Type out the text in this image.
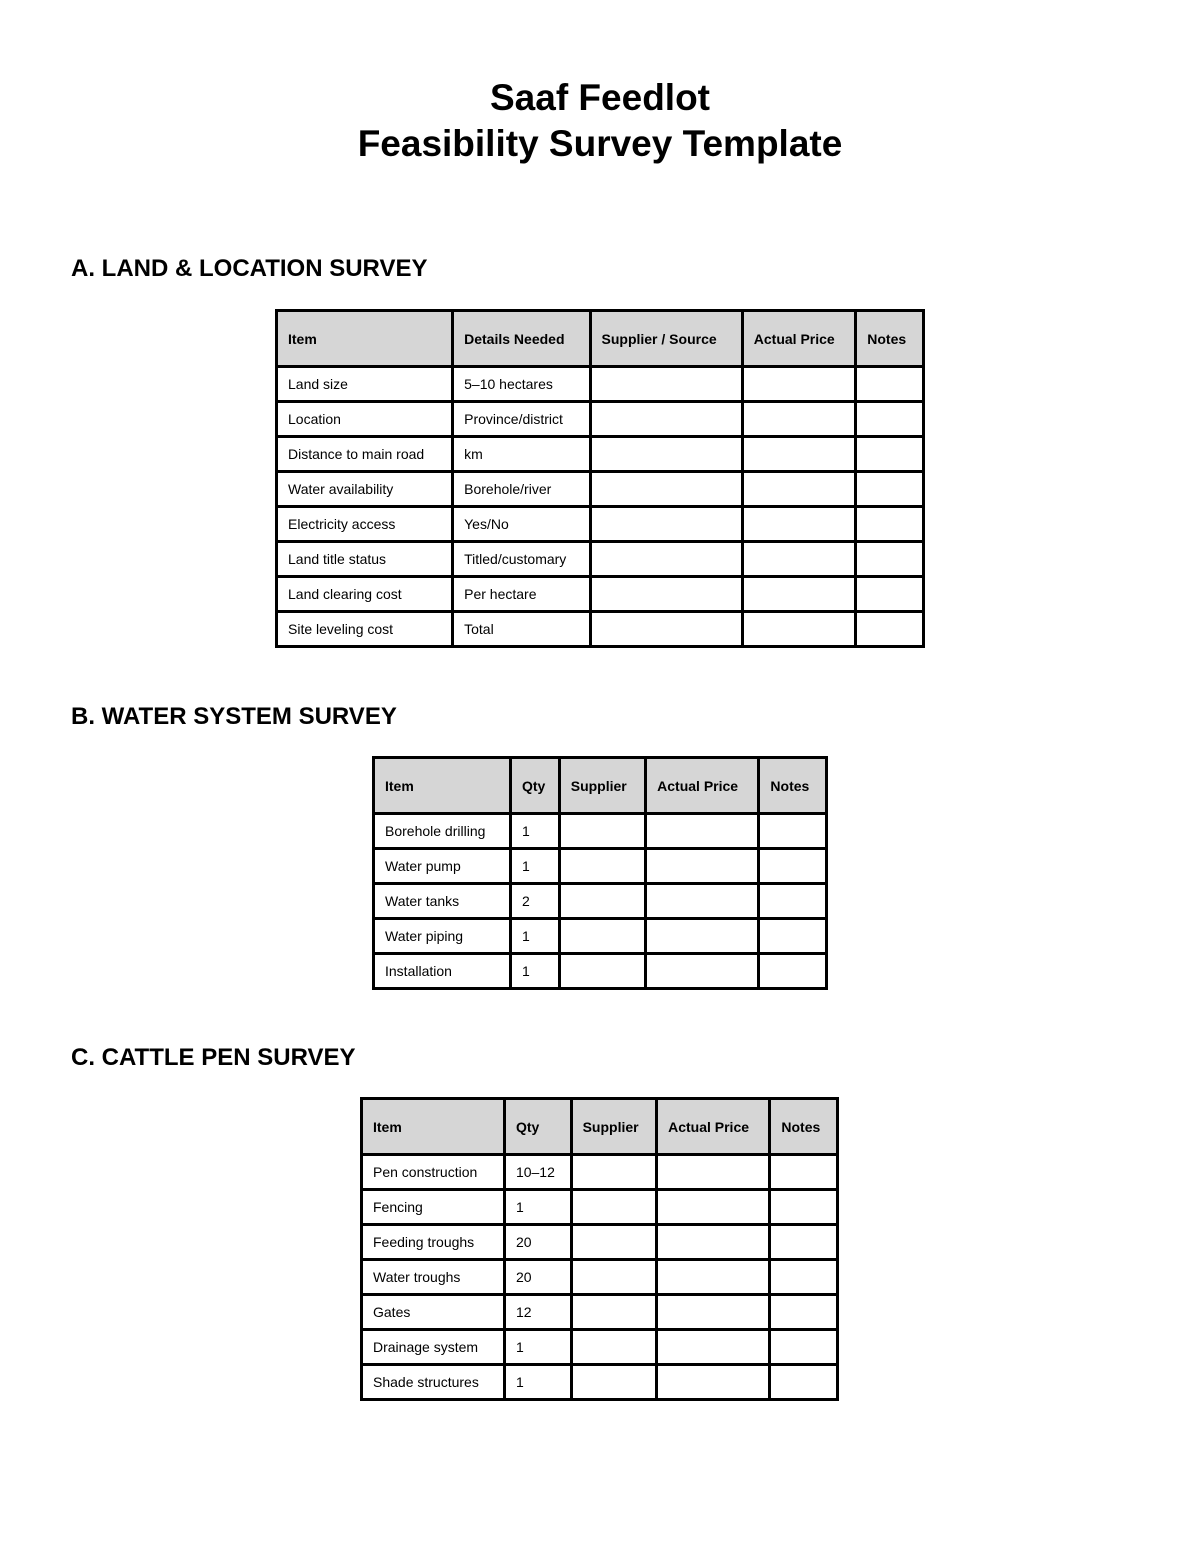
Saaf Feedlot
Feasibility Survey Template
A. LAND & LOCATION SURVEY
Item	Details Needed	Supplier / Source	Actual Price	Notes
Land size	5–10 hectares			
Location	Province/district			
Distance to main road	km			
Water availability	Borehole/river			
Electricity access	Yes/No			
Land title status	Titled/customary			
Land clearing cost	Per hectare			
Site leveling cost	Total			
B. WATER SYSTEM SURVEY
Item	Qty	Supplier	Actual Price	Notes
Borehole drilling	1			
Water pump	1			
Water tanks	2			
Water piping	1			
Installation	1			
C. CATTLE PEN SURVEY
Item	Qty	Supplier	Actual Price	Notes
Pen construction	10–12			
Fencing	1			
Feeding troughs	20			
Water troughs	20			
Gates	12			
Drainage system	1			
Shade structures	1			
